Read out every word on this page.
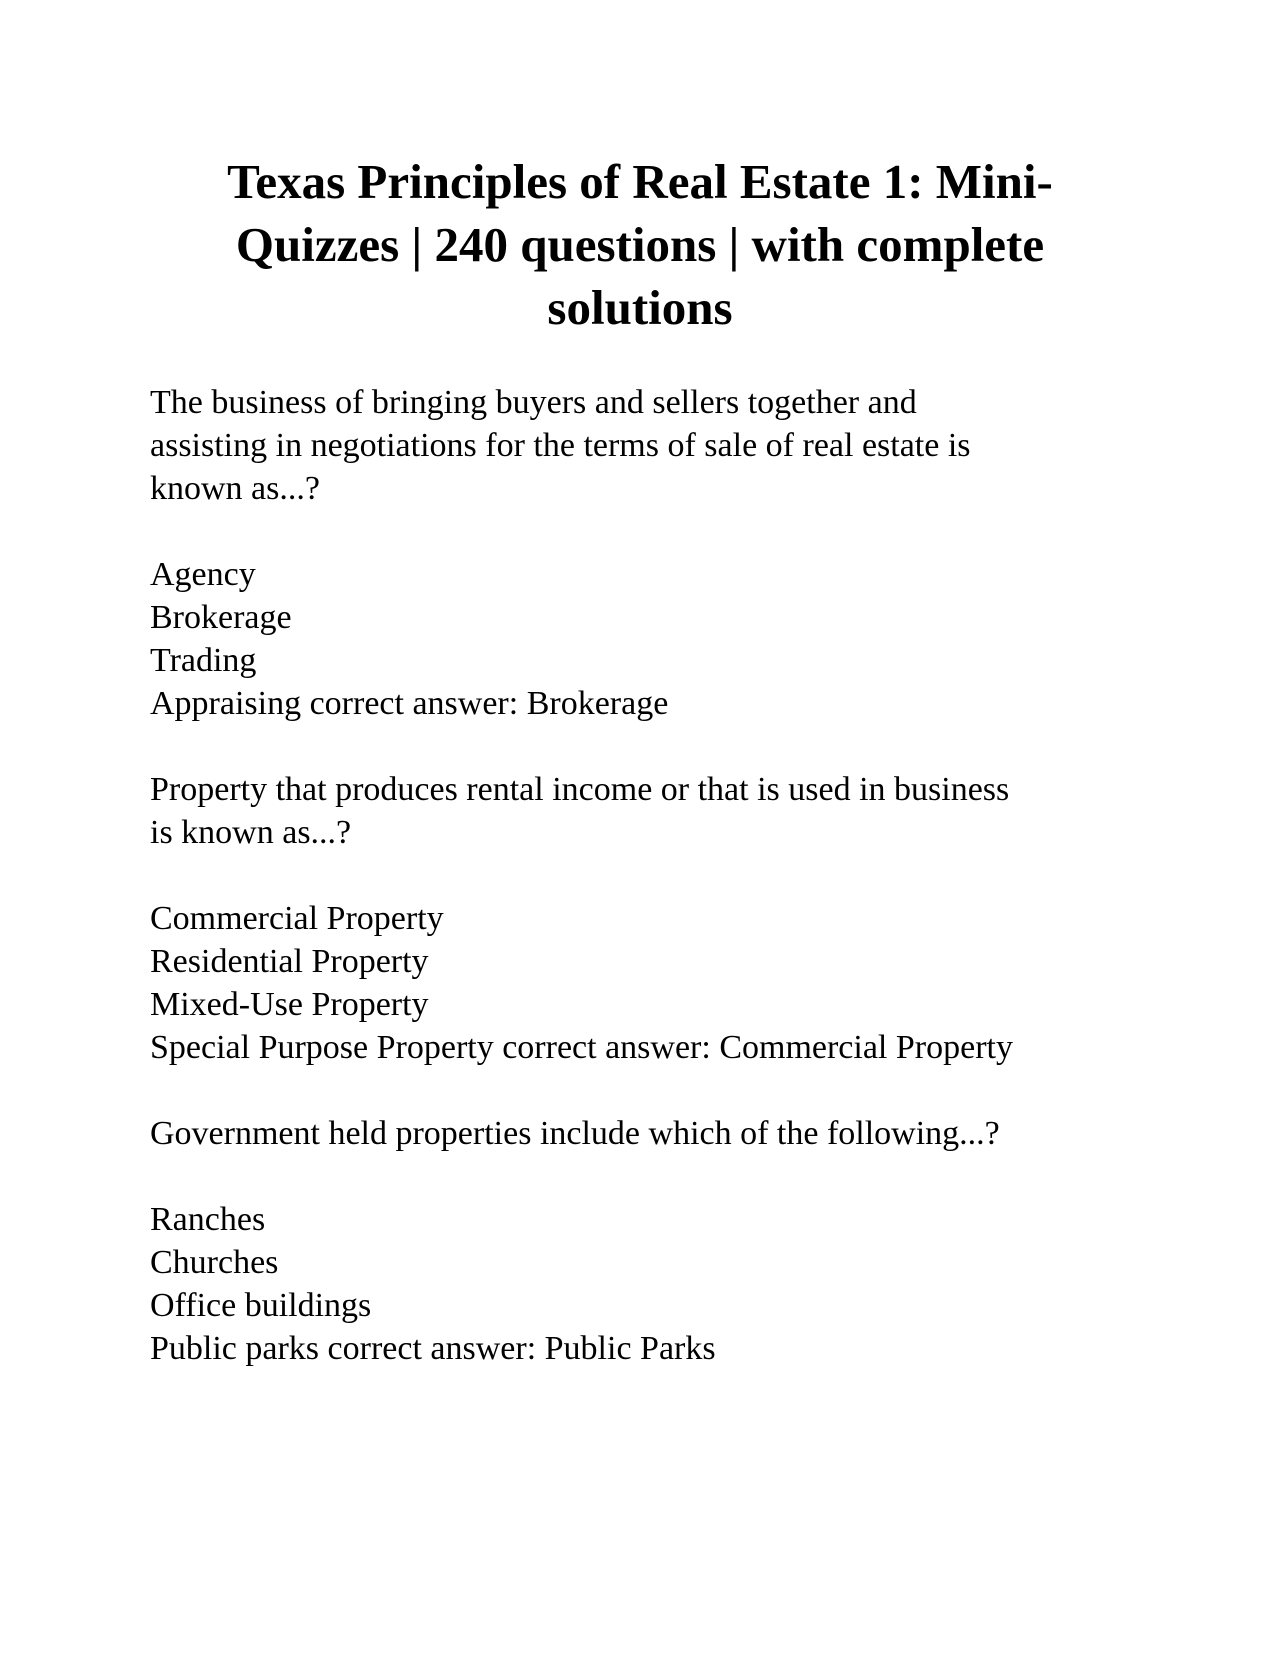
Texas Principles of Real Estate 1: Mini-
Quizzes | 240 questions | with complete
solutions
The business of bringing buyers and sellers together and
assisting in negotiations for the terms of sale of real estate is
known as...?
Agency
Brokerage
Trading
Appraising correct answer: Brokerage
Property that produces rental income or that is used in business
is known as...?
Commercial Property
Residential Property
Mixed-Use Property
Special Purpose Property correct answer: Commercial Property
Government held properties include which of the following...?
Ranches
Churches
Office buildings
Public parks correct answer: Public Parks
